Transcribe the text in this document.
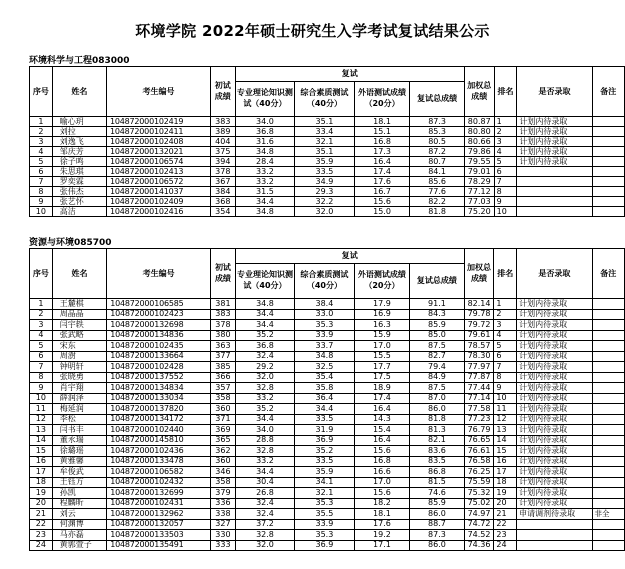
环境学院 2022年硕士研究生入学考试复试结果公示
环境科学与工程083000
序号	姓名	考生编号	初试成绩	复试				加权总成绩	排名	是否录取	备注
				专业理论知识测试（40分）	综合素质测试（40分）	外语测试成绩（20分）	复试总成绩				
1	喻心玥	104872000102419	383	34.0	35.1	18.1	87.3	80.87	1	计划内待录取	
2	刘拉	104872000102411	389	36.8	33.4	15.1	85.3	80.80	2	计划内待录取	
3	刘逸飞	104872000102408	404	31.6	32.1	16.8	80.5	80.66	3	计划内待录取	
4	邹庆芳	104872000132021	375	34.8	35.1	17.3	87.2	79.86	4	计划内待录取	
5	徐子鸣	104872000106574	394	28.4	35.9	16.4	80.7	79.55	5	计划内待录取	
6	朱思琪	104872000102413	378	33.2	33.5	17.4	84.1	79.01	6		
7	罗奕霖	104872000106572	367	33.2	34.9	17.6	85.6	78.29	7		
8	张伟杰	104872000141037	384	31.5	29.3	16.7	77.6	77.12	8		
9	张艺怀	104872000102409	368	34.4	32.2	15.6	82.2	77.03	9		
10	高洁	104872000102416	354	34.8	32.0	15.0	81.8	75.20	10		
资源与环境085700
序号	姓名	考生编号	初试成绩	复试				加权总成绩	排名	是否录取	备注
				专业理论知识测试（40分）	综合素质测试（40分）	外语测试成绩（20分）	复试总成绩				
1	王麓棋	104872000106585	381	34.8	38.4	17.9	91.1	82.14	1	计划内待录取	
2	周晶晶	104872000102423	383	34.4	33.0	16.9	84.3	79.78	2	计划内待录取	
3	闫宇轶	104872000132698	378	34.4	35.3	16.3	85.9	79.72	3	计划内待录取	
4	张武略	104872000134836	380	35.2	33.9	15.9	85.0	79.61	4	计划内待录取	
5	宋东	104872000102435	363	36.8	33.7	17.0	87.5	78.57	5	计划内待录取	
6	周澍	104872000133664	377	32.4	34.8	15.5	82.7	78.30	6	计划内待录取	
7	钟明轩	104872000102428	385	29.2	32.5	17.7	79.4	77.97	7	计划内待录取	
8	张晓勇	104872000137552	366	32.0	35.4	17.5	84.9	77.87	8	计划内待录取	
9	肖宇翔	104872000134834	357	32.8	35.8	18.9	87.5	77.44	9	计划内待录取	
10	薛润泽	104872000133034	358	33.2	36.4	17.4	87.0	77.14	10	计划内待录取	
11	梅延润	104872000137820	360	35.2	34.4	16.4	86.0	77.58	11	计划内待录取	
12	李松	104872000134172	371	34.4	33.5	14.3	81.8	77.23	12	计划内待录取	
13	闫书丰	104872000102440	369	34.0	31.9	15.4	81.3	76.79	13	计划内待录取	
14	董永瑞	104872000145810	365	28.8	36.9	16.4	82.1	76.65	14	计划内待录取	
15	徐璐瑶	104872000102436	362	32.8	35.2	15.6	83.6	76.61	15	计划内待录取	
16	黄雅馨	104872000133478	360	33.2	33.5	16.8	83.5	76.58	16	计划内待录取	
17	牟俊武	104872000106582	346	34.4	35.9	16.6	86.8	76.25	17	计划内待录取	
18	王钰方	104872000102432	358	30.4	34.1	17.0	81.5	75.59	18	计划内待录取	
19	孙凯	104872000132699	379	26.8	32.1	15.6	74.6	75.32	19	计划内待录取	
20	程麟昕	104872000102431	336	32.4	35.3	18.2	85.9	75.02	20	计划内待录取	
21	刘云	104872000132962	338	32.4	35.5	18.1	86.0	74.97	21	申请调剂待录取	非全
22	何渊博	104872000132057	327	37.2	33.9	17.6	88.7	74.72	22		
23	马亦磊	104872000133503	330	32.8	35.3	19.2	87.3	74.52	23		
24	黄郭萱子	104872000135491	333	32.0	36.9	17.1	86.0	74.36	24		
